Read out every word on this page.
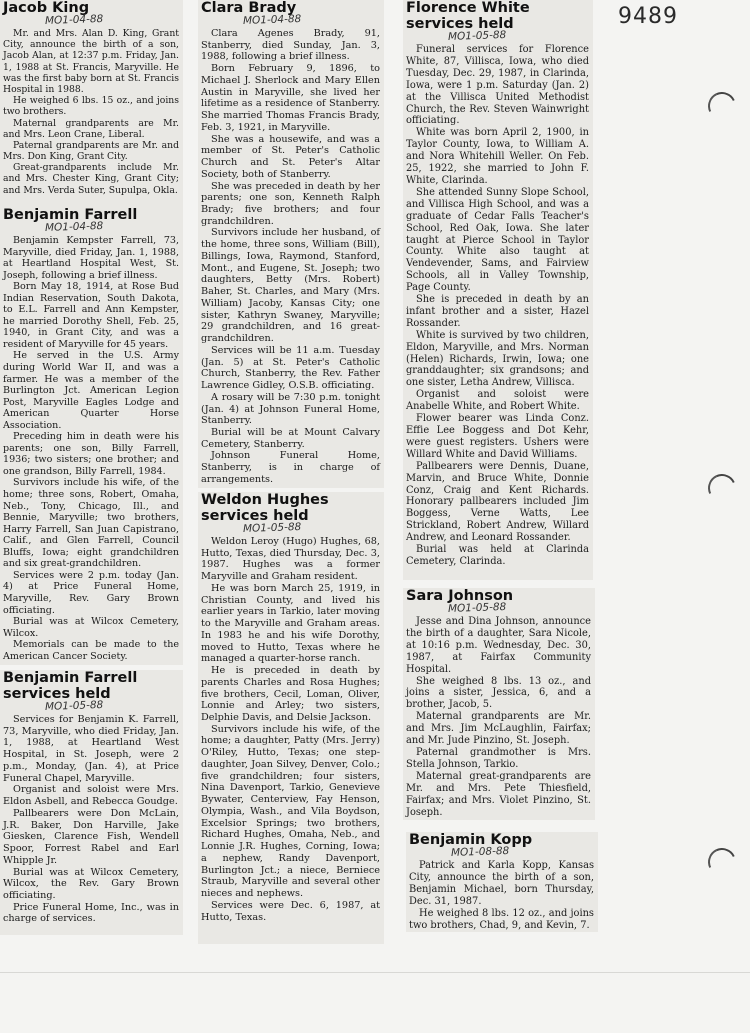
9489
Jacob King
MO1-04-88

Mr. and Mrs. Alan D. King, Grant City, announce the birth of a son, Jacob Alan, at 12:37 p.m. Friday, Jan. 1, 1988 at St. Francis, Maryville. He was the first baby born at St. Francis Hospital in 1988.

He weighed 6 lbs. 15 oz., and joins two brothers.

Maternal grandparents are Mr. and Mrs. Leon Crane, Liberal.

Paternal grandparents are Mr. and Mrs. Don King, Grant City.

Great-grandparents include Mr. and Mrs. Chester King, Grant City; and Mrs. Verda Suter, Supulpa, Okla.

Benjamin Farrell
MO1-04-88

Benjamin Kempster Farrell, 73, Maryville, died Friday, Jan. 1, 1988, at Heartland Hospital West, St. Joseph, following a brief illness.

Born May 18, 1914, at Rose Bud Indian Reservation, South Dakota, to E.L. Farrell and Ann Kempster, he married Dorothy Shell, Feb. 25, 1940, in Grant City, and was a resident of Maryville for 45 years.

He served in the U.S. Army during World War II, and was a farmer. He was a member of the Burlington Jct. American Legion Post, Maryville Eagles Lodge and American Quarter Horse Association.

Preceding him in death were his parents; one son, Billy Farrell, 1936; two sisters; one brother; and one grandson, Billy Farrell, 1984.

Survivors include his wife, of the home; three sons, Robert, Omaha, Neb., Tony, Chicago, Ill., and Bennie, Maryville; two brothers, Harry Farrell, San Juan Capistrano, Calif., and Glen Farrell, Council Bluffs, Iowa; eight grandchildren and six great-grandchildren.

Services were 2 p.m. today (Jan. 4) at Price Funeral Home, Maryville, Rev. Gary Brown officiating.

Burial was at Wilcox Cemetery, Wilcox.

Memorials can be made to the American Cancer Society.

Benjamin Farrell services held
MO1-05-88

Services for Benjamin K. Farrell, 73, Maryville, who died Friday, Jan. 1, 1988, at Heartland West Hospital, in St. Joseph, were 2 p.m., Monday, (Jan. 4), at Price Funeral Chapel, Maryville.

Organist and soloist were Mrs. Eldon Asbell, and Rebecca Goudge.

Pallbearers were Don McLain, J.R. Baker, Don Harville, Jake Giesken, Clarence Fish, Wendell Spoor, Forrest Rabel and Earl Whipple Jr.

Burial was at Wilcox Cemetery, Wilcox, the Rev. Gary Brown officiating.

Price Funeral Home, Inc., was in charge of services.

Clara Brady
MO1-04-88

Clara Agenes Brady, 91, Stanberry, died Sunday, Jan. 3, 1988, following a brief illness.

Born February 9, 1896, to Michael J. Sherlock and Mary Ellen Austin in Maryville, she lived her lifetime as a residence of Stanberry. She married Thomas Francis Brady, Feb. 3, 1921, in Maryville.

She was a housewife, and was a member of St. Peter's Catholic Church and St. Peter's Altar Society, both of Stanberry.

She was preceded in death by her parents; one son, Kenneth Ralph Brady; five brothers; and four grandchildren.

Survivors include her husband, of the home, three sons, William (Bill), Billings, Iowa, Raymond, Stanford, Mont., and Eugene, St. Joseph; two daughters, Betty (Mrs. Robert) Baher, St. Charles, and Mary (Mrs. William) Jacoby, Kansas City; one sister, Kathryn Swaney, Maryville; 29 grandchildren, and 16 great-grandchildren.

Services will be 11 a.m. Tuesday (Jan. 5) at St. Peter's Catholic Church, Stanberry, the Rev. Father Lawrence Gidley, O.S.B. officiating.

A rosary will be 7:30 p.m. tonight (Jan. 4) at Johnson Funeral Home, Stanberry.

Burial will be at Mount Calvary Cemetery, Stanberry.

Johnson Funeral Home, Stanberry, is in charge of arrangements.

Weldon Hughes services held
MO1-05-88

Weldon Leroy (Hugo) Hughes, 68, Hutto, Texas, died Thursday, Dec. 3, 1987. Hughes was a former Maryville and Graham resident.

He was born March 25, 1919, in Christian County, and lived his earlier years in Tarkio, later moving to the Maryville and Graham areas. In 1983 he and his wife Dorothy, moved to Hutto, Texas where he managed a quarter-horse ranch.

He is preceded in death by parents Charles and Rosa Hughes; five brothers, Cecil, Loman, Oliver, Lonnie and Arley; two sisters, Delphie Davis, and Delsie Jackson.

Survivors include his wife, of the home; a daughter, Patty (Mrs. Jerry) O'Riley, Hutto, Texas; one step-daughter, Joan Silvey, Denver, Colo.; five grandchildren; four sisters, Nina Davenport, Tarkio, Genevieve Bywater, Centerview, Fay Henson, Olympia, Wash., and Vila Boydson, Excelsior Springs; two brothers, Richard Hughes, Omaha, Neb., and Lonnie J.R. Hughes, Corning, Iowa; a nephew, Randy Davenport, Burlington Jct.; a niece, Berniece Straub, Maryville and several other nieces and nephews.

Services were Dec. 6, 1987, at Hutto, Texas.

Florence White services held
MO1-05-88

Funeral services for Florence White, 87, Villisca, Iowa, who died Tuesday, Dec. 29, 1987, in Clarinda, Iowa, were 1 p.m. Saturday (Jan. 2) at the Villisca United Methodist Church, the Rev. Steven Wainwright officiating.

White was born April 2, 1900, in Taylor County, Iowa, to William A. and Nora Whitehill Weller. On Feb. 25, 1922, she married to John F. White, Clarinda.

She attended Sunny Slope School, and Villisca High School, and was a graduate of Cedar Falls Teacher's School, Red Oak, Iowa. She later taught at Pierce School in Taylor County. White also taught at Vendevender, Sams, and Fairview Schools, all in Valley Township, Page County.

She is preceded in death by an infant brother and a sister, Hazel Rossander.

White is survived by two children, Eldon, Maryville, and Mrs. Norman (Helen) Richards, Irwin, Iowa; one granddaughter; six grandsons; and one sister, Letha Andrew, Villisca.

Organist and soloist were Anabelle White, and Robert White.

Flower bearer was Linda Conz. Effie Lee Boggess and Dot Kehr, were guest registers. Ushers were Willard White and David Williams.

Pallbearers were Dennis, Duane, Marvin, and Bruce White, Donnie Conz, Craig and Kent Richards. Honorary pallbearers included Jim Boggess, Verne Watts, Lee Strickland, Robert Andrew, Willard Andrew, and Leonard Rossander.

Burial was held at Clarinda Cemetery, Clarinda.

Sara Johnson
MO1-05-88

Jesse and Dina Johnson, announce the birth of a daughter, Sara Nicole, at 10:16 p.m. Wednesday, Dec. 30, 1987, at Fairfax Community Hospital.

She weighed 8 lbs. 13 oz., and joins a sister, Jessica, 6, and a brother, Jacob, 5.

Maternal grandparents are Mr. and Mrs. Jim McLaughlin, Fairfax; and Mr. Jude Pinzino, St. Joseph.

Paternal grandmother is Mrs. Stella Johnson, Tarkio.

Maternal great-grandparents are Mr. and Mrs. Pete Thiesfield, Fairfax; and Mrs. Violet Pinzino, St. Joseph.

Benjamin Kopp
MO1-08-88

Patrick and Karla Kopp, Kansas City, announce the birth of a son, Benjamin Michael, born Thursday, Dec. 31, 1987.

He weighed 8 lbs. 12 oz., and joins two brothers, Chad, 9, and Kevin, 7.
